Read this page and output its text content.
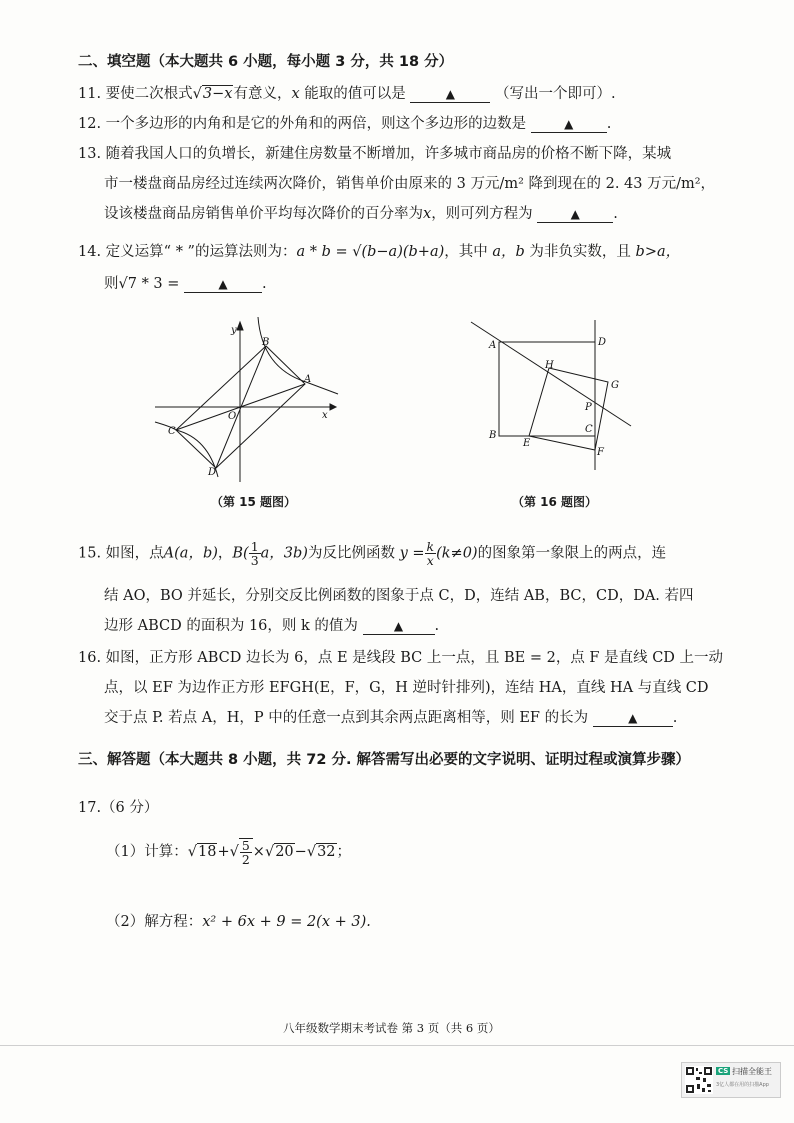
二、填空题（本大题共 6 小题，每小题 3 分，共 18 分）
11. 要使二次根式√3−x有意义，x 能取的值可以是	▲	（写出一个即可）.
12. 一个多边形的内角和是它的外角和的两倍，则这个多边形的边数是	▲ .
13. 随着我国人口的负增长，新建住房数量不断增加，许多城市商品房的价格不断下降，某城
市一楼盘商品房经过连续两次降价，销售单价由原来的 3 万元/m² 降到现在的 2. 43 万元/m²，
设该楼盘商品房销售单价平均每次降价的百分率为x，则可列方程为	▲ .
14. 定义运算“ * ”的运算法则为：a * b = √(b−a)(b+a)，其中 a，b 为非负实数，且 b>a，
则√7 * 3 =	▲ .
y
x
O
A
B
C
D
（第 15 题图）
A	D
H
G
P
C
B
E
F
（第 16 题图）
15. 如图，点A(a，b)，$B( \frac{1}{3}$ a，3b)为反比例函数 $y = \frac{k}{x} (k\ne 0)$的图象第一象限上的两点，连
结 AO，BO 并延长，分别交反比例函数的图象于点 C，D，连结 AB，BC，CD，DA. 若四
边形 ABCD 的面积为 16，则 k 的值为	▲ .
16. 如图，正方形 ABCD 边长为 6，点 E 是线段 BC 上一点，且 BE = 2，点 F 是直线 CD 上一动
点，以 EF 为边作正方形 EFGH(E，F，G，H 逆时针排列)，连结 HA，直线 HA 与直线 CD
交于点 P. 若点 A，H，P 中的任意一点到其余两点距离相等，则 EF 的长为	▲ .
三、解答题（本大题共 8 小题，共 72 分. 解答需写出必要的文字说明、证明过程或演算步骤）
17.（6 分）
（1）计算：$√18+√ \frac{5}{2} \times√20-√32$；
（2）解方程：x² + 6x + 9 = 2(x + 3).
八年级数学期末考试卷 第 3 页（共 6 页）
CS 扫描全能王
3亿人都在用的扫描App
